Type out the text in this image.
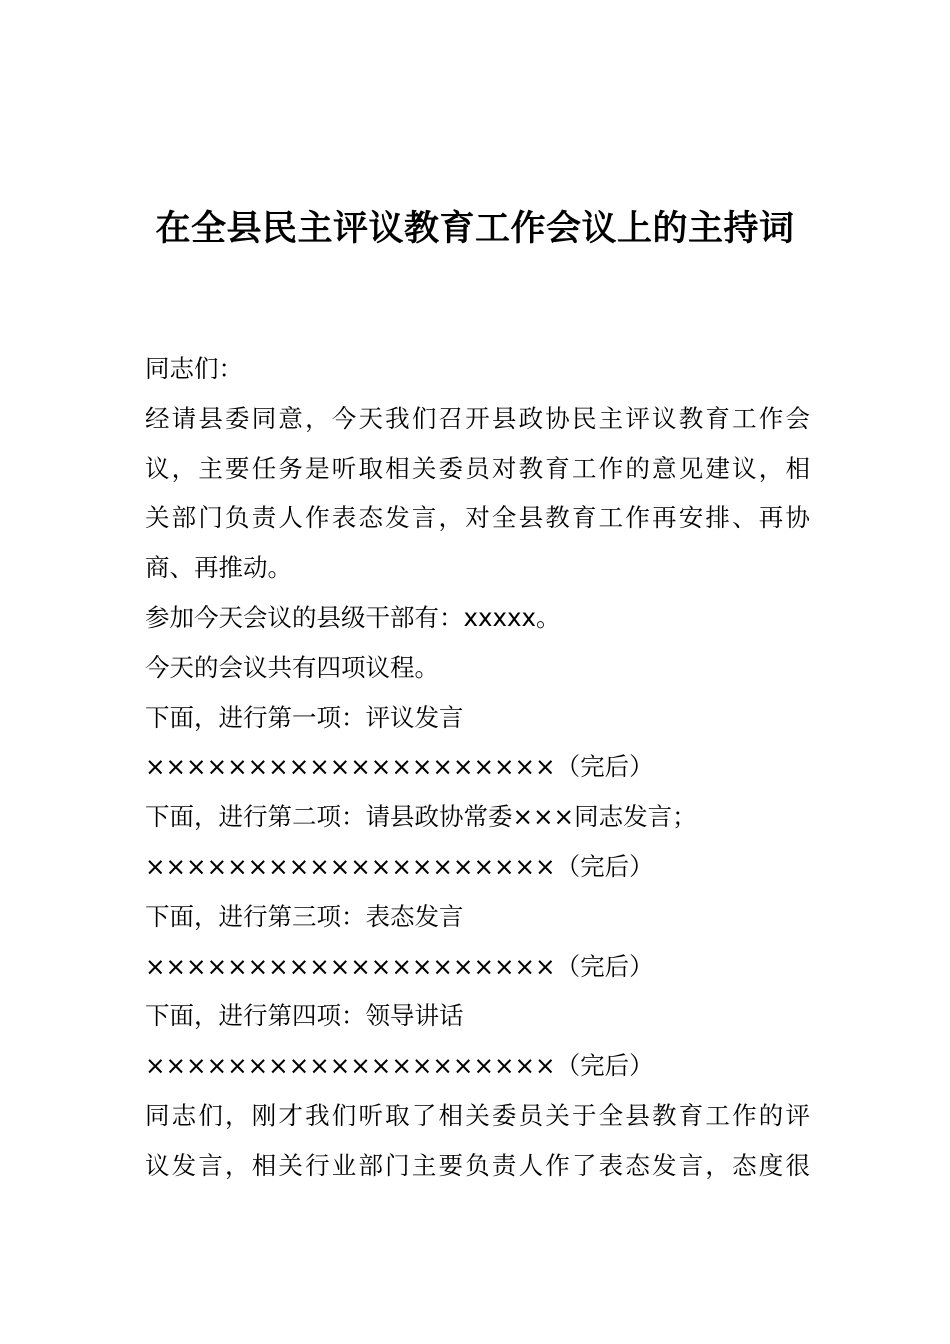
在全县民主评议教育工作会议上的主持词
同志们：
经请县委同意，今天我们召开县政协民主评议教育工作会
议，主要任务是听取相关委员对教育工作的意见建议，相
关部门负责人作表态发言，对全县教育工作再安排、再协
商、再推动。
参加今天会议的县级干部有：xxxxx。
今天的会议共有四项议程。
下面，进行第一项：评议发言
××××××××××××××××××××（完后）
下面，进行第二项：请县政协常委×××同志发言；
××××××××××××××××××××（完后）
下面，进行第三项：表态发言
××××××××××××××××××××（完后）
下面，进行第四项：领导讲话
××××××××××××××××××××（完后）
同志们，刚才我们听取了相关委员关于全县教育工作的评
议发言，相关行业部门主要负责人作了表态发言，态度很
